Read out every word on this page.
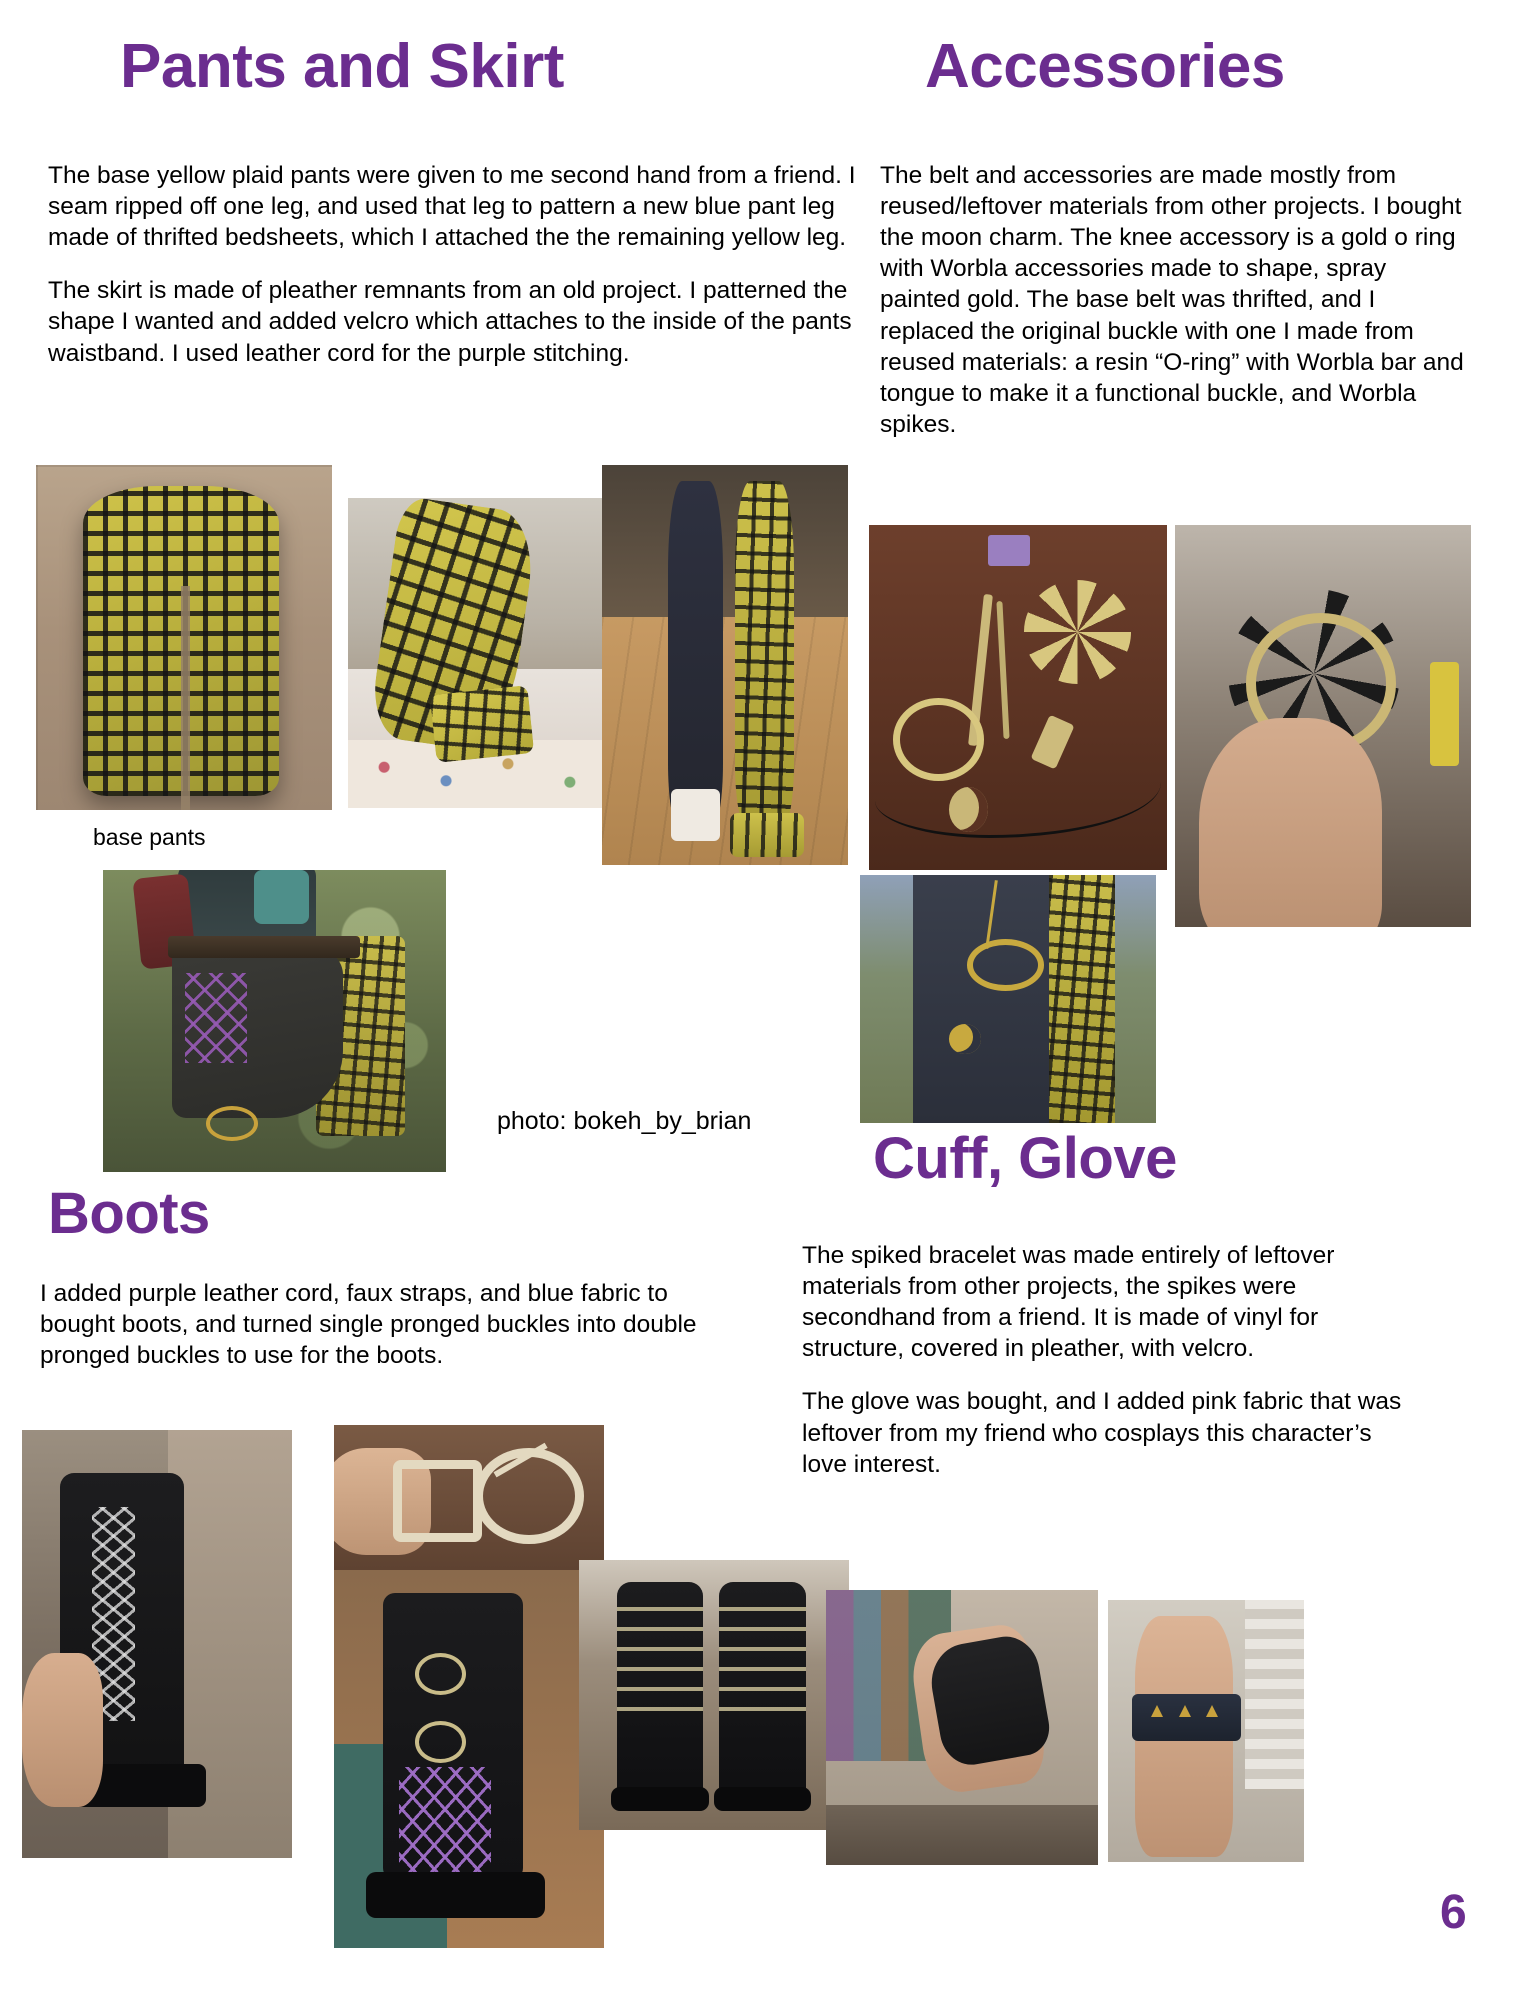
Pants and Skirt

The base yellow plaid pants were given to me second hand from a friend. I seam ripped off one leg, and used that leg to pattern a new blue pant leg made of thrifted bedsheets, which I attached the the remaining yellow leg.

The skirt is made of pleather remnants from an old project. I patterned the shape I wanted and added velcro which attaches to the inside of the pants waistband. I used leather cord for the purple stitching.

base pants
photo: bokeh_by_brian
Accessories

The belt and accessories are made mostly from reused/leftover materials from other projects. I bought the moon charm. The knee accessory is a gold o ring with Worbla accessories made to shape, spray painted gold. The base belt was thrifted, and I replaced the original buckle with one I made from reused materials: a resin “O-ring” with Worbla bar and tongue to make it a functional buckle, and Worbla spikes.

Cuff, Glove

The spiked bracelet was made entirely of leftover materials from other projects, the spikes were secondhand from a friend. It is made of vinyl for structure, covered in pleather, with velcro.

The glove was bought, and I added pink fabric that was leftover from my friend who cosplays this character’s love interest.

Boots

I added purple leather cord, faux straps, and blue fabric to bought boots, and turned single pronged buckles into double pronged buckles to use for the boots.

6
